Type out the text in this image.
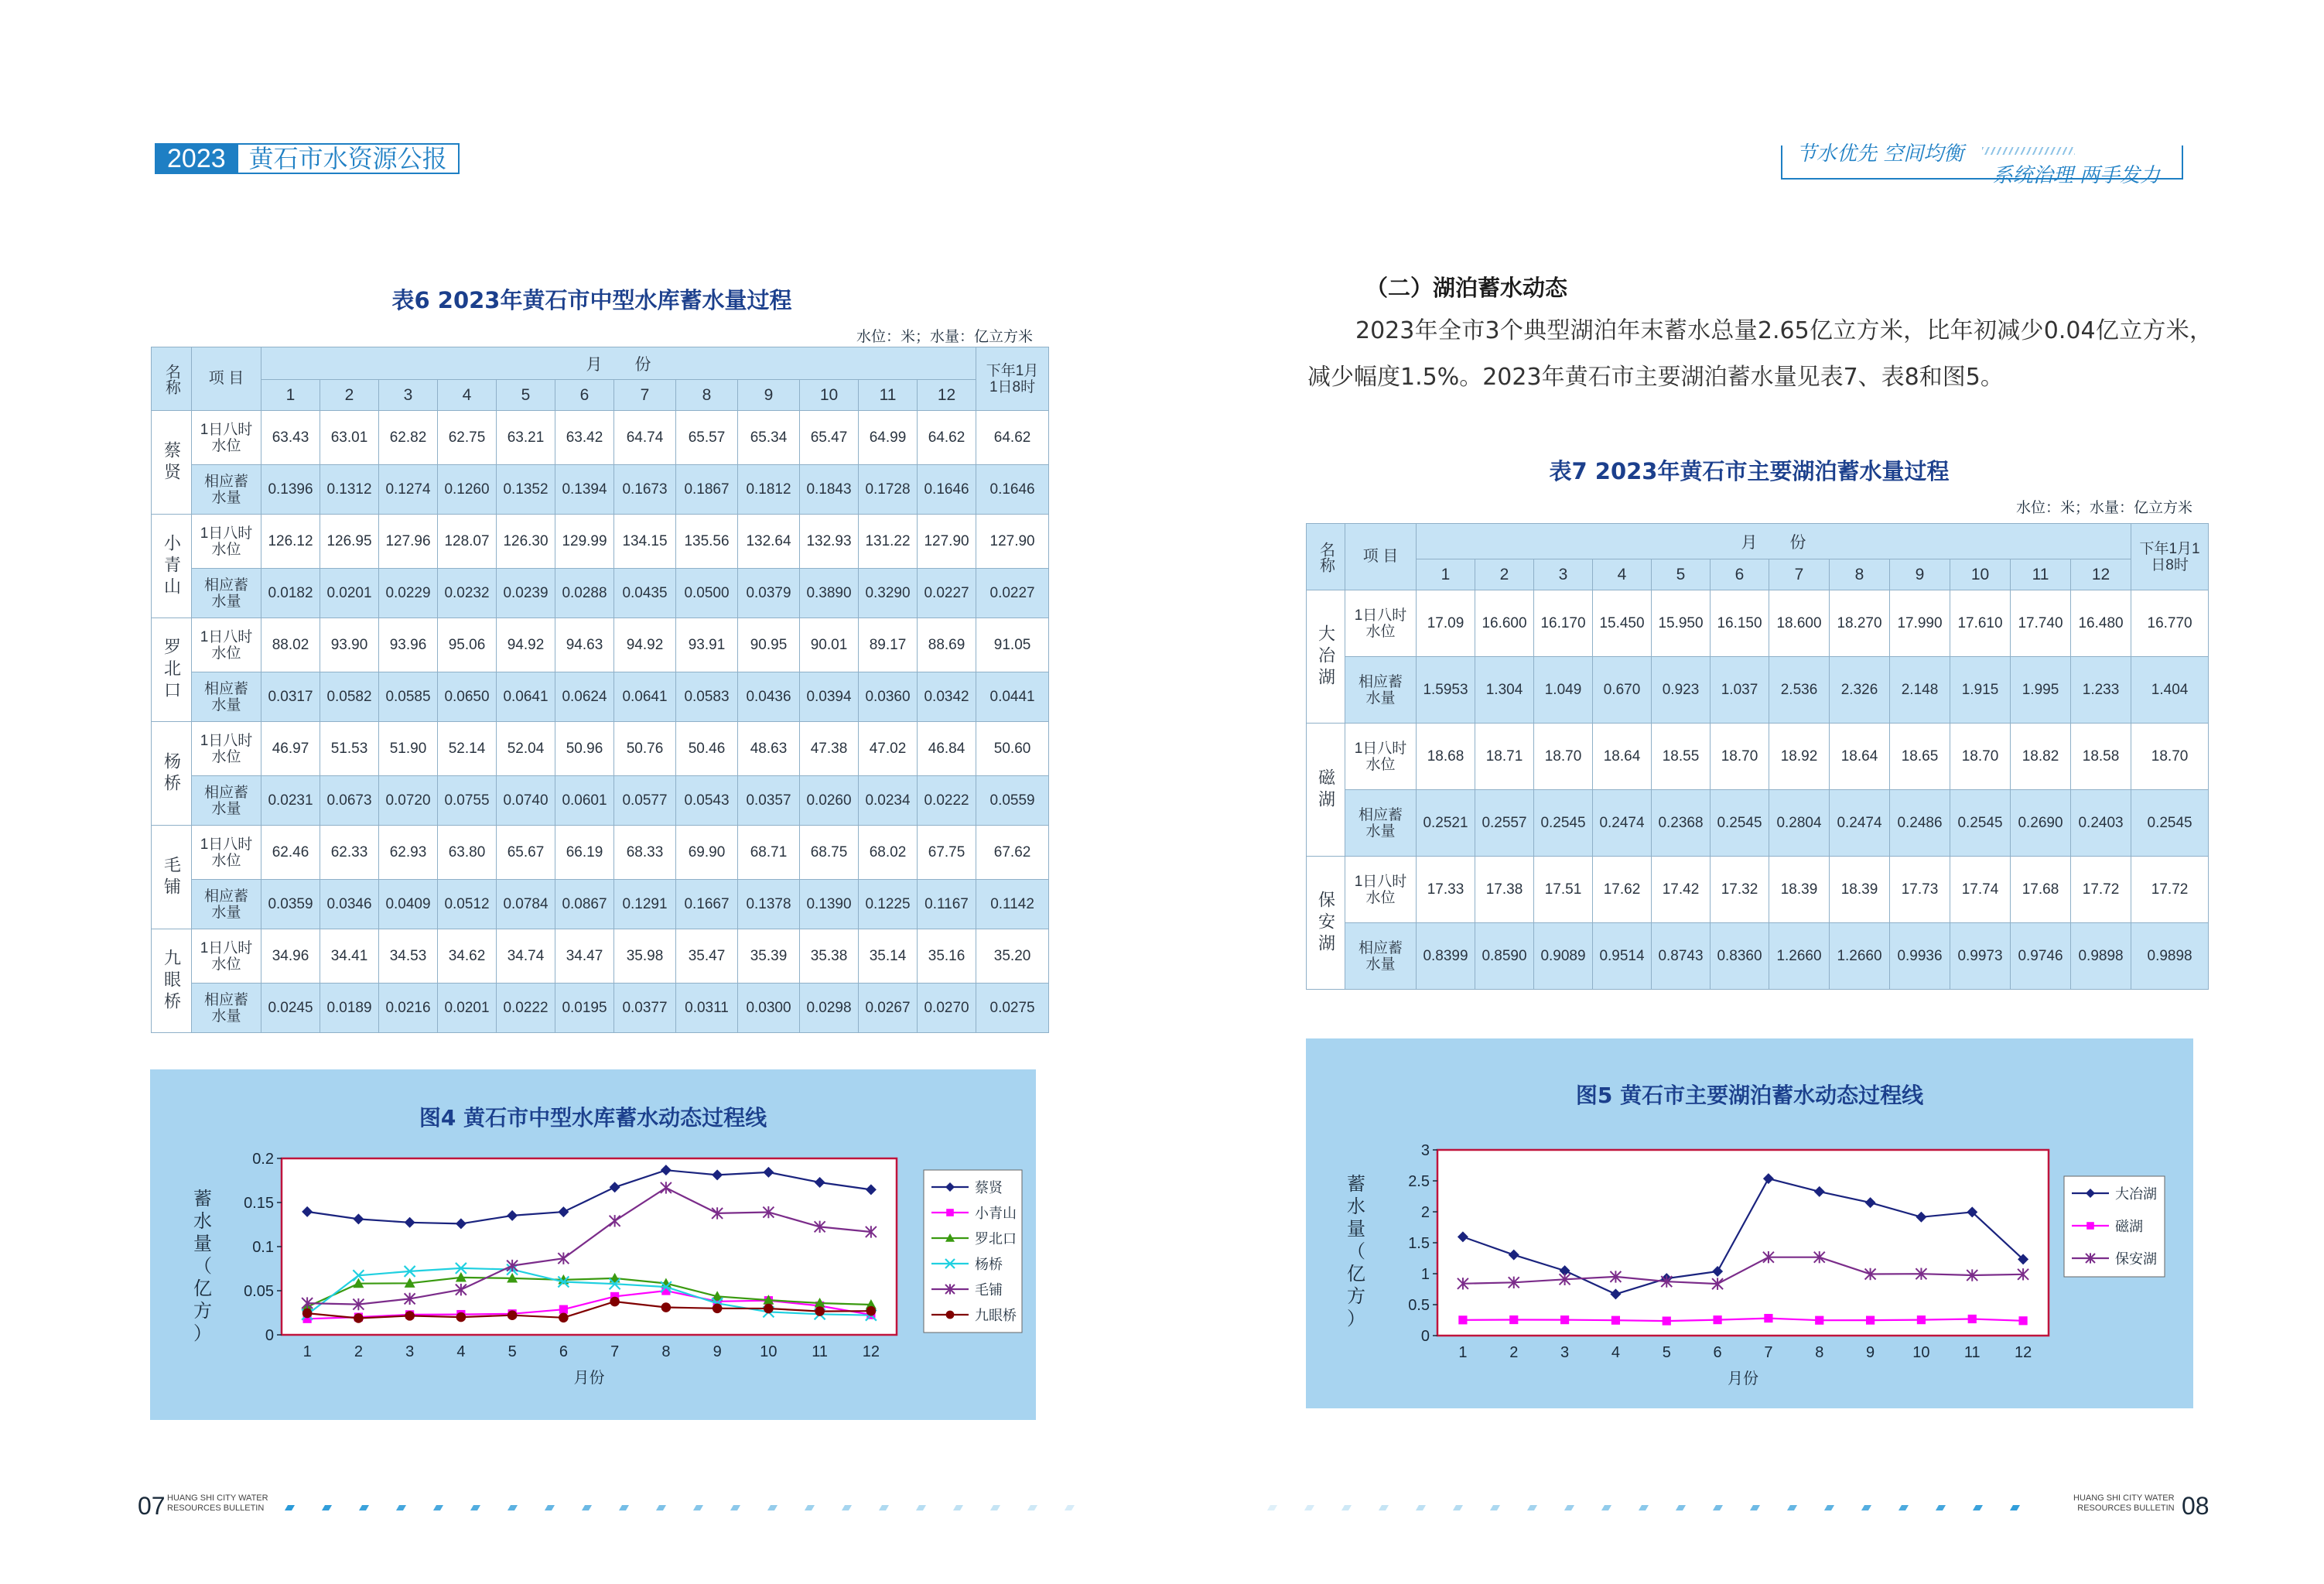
2023 黄石市水资源公报	节水优先 空间均衡
系统治理 两手发力
表6 2023年黄石市中型水库蓄水量过程
水位：米；水量：亿立方米
名称	项 目	月　　份												下年1月1日8时
		1	2	3	4	5	6	7	8	9	10	11	12	
蔡贤	1日八时水位	63.43	63.01	62.82	62.75	63.21	63.42	64.74	65.57	65.34	65.47	64.99	64.62	64.62
	相应蓄水量	0.1396	0.1312	0.1274	0.1260	0.1352	0.1394	0.1673	0.1867	0.1812	0.1843	0.1728	0.1646	0.1646
小青山	1日八时水位	126.12	126.95	127.96	128.07	126.30	129.99	134.15	135.56	132.64	132.93	131.22	127.90	127.90
	相应蓄水量	0.0182	0.0201	0.0229	0.0232	0.0239	0.0288	0.0435	0.0500	0.0379	0.3890	0.3290	0.0227	0.0227
罗北口	1日八时水位	88.02	93.90	93.96	95.06	94.92	94.63	94.92	93.91	90.95	90.01	89.17	88.69	91.05
	相应蓄水量	0.0317	0.0582	0.0585	0.0650	0.0641	0.0624	0.0641	0.0583	0.0436	0.0394	0.0360	0.0342	0.0441
杨桥	1日八时水位	46.97	51.53	51.90	52.14	52.04	50.96	50.76	50.46	48.63	47.38	47.02	46.84	50.60
	相应蓄水量	0.0231	0.0673	0.0720	0.0755	0.0740	0.0601	0.0577	0.0543	0.0357	0.0260	0.0234	0.0222	0.0559
毛铺	1日八时水位	62.46	62.33	62.93	63.80	65.67	66.19	68.33	69.90	68.71	68.75	68.02	67.75	67.62
	相应蓄水量	0.0359	0.0346	0.0409	0.0512	0.0784	0.0867	0.1291	0.1667	0.1378	0.1390	0.1225	0.1167	0.1142
九眼桥	1日八时水位	34.96	34.41	34.53	34.62	34.74	34.47	35.98	35.47	35.39	35.38	35.14	35.16	35.20
	相应蓄水量	0.0245	0.0189	0.0216	0.0201	0.0222	0.0195	0.0377	0.0311	0.0300	0.0298	0.0267	0.0270	0.0275
图4 黄石市中型水库蓄水动态过程线
0
0.05
0.1
0.15
0.2
1	2	3	4	5	6	7	8	9 10 11 12
月份
蓄
水
量
（
亿
方
）
蔡贤
小青山
罗北口
杨桥
毛铺
九眼桥
（二）湖泊蓄水动态
2023年全市3个典型湖泊年末蓄水总量2.65亿立方米，比年初减少0.04亿立方米，减少幅度1.5%。2023年黄石市主要湖泊蓄水量见表7、表8和图5。
表7 2023年黄石市主要湖泊蓄水量过程
水位：米；水量：亿立方米
名称	项 目	月　　份												下年1月1日8时
		1	2	3	4	5	6	7	8	9	10	11	12	
大冶湖	1日八时水位	17.09	16.600	16.170	15.450	15.950	16.150	18.600	18.270	17.990	17.610	17.740	16.480	16.770
	相应蓄水量	1.5953	1.304	1.049	0.670	0.923	1.037	2.536	2.326	2.148	1.915	1.995	1.233	1.404
磁湖	1日八时水位	18.68	18.71	18.70	18.64	18.55	18.70	18.92	18.64	18.65	18.70	18.82	18.58	18.70
	相应蓄水量	0.2521	0.2557	0.2545	0.2474	0.2368	0.2545	0.2804	0.2474	0.2486	0.2545	0.2690	0.2403	0.2545
保安湖	1日八时水位	17.33	17.38	17.51	17.62	17.42	17.32	18.39	18.39	17.73	17.74	17.68	17.72	17.72
	相应蓄水量	0.8399	0.8590	0.9089	0.9514	0.8743	0.8360	1.2660	1.2660	0.9936	0.9973	0.9746	0.9898	0.9898
图5 黄石市主要湖泊蓄水动态过程线
0
0.5
1
1.5
2
2.5
3
1	2	3	4	5	6	7	8	9 10 11 12
月份
蓄
水
量
（
亿
方
）
大冶湖
磁湖
保安湖
07 HUANG SHI CITY WATER
RESOURCES BULLETIN
HUANG SHI CITY WATER
RESOURCES BULLETIN 08
